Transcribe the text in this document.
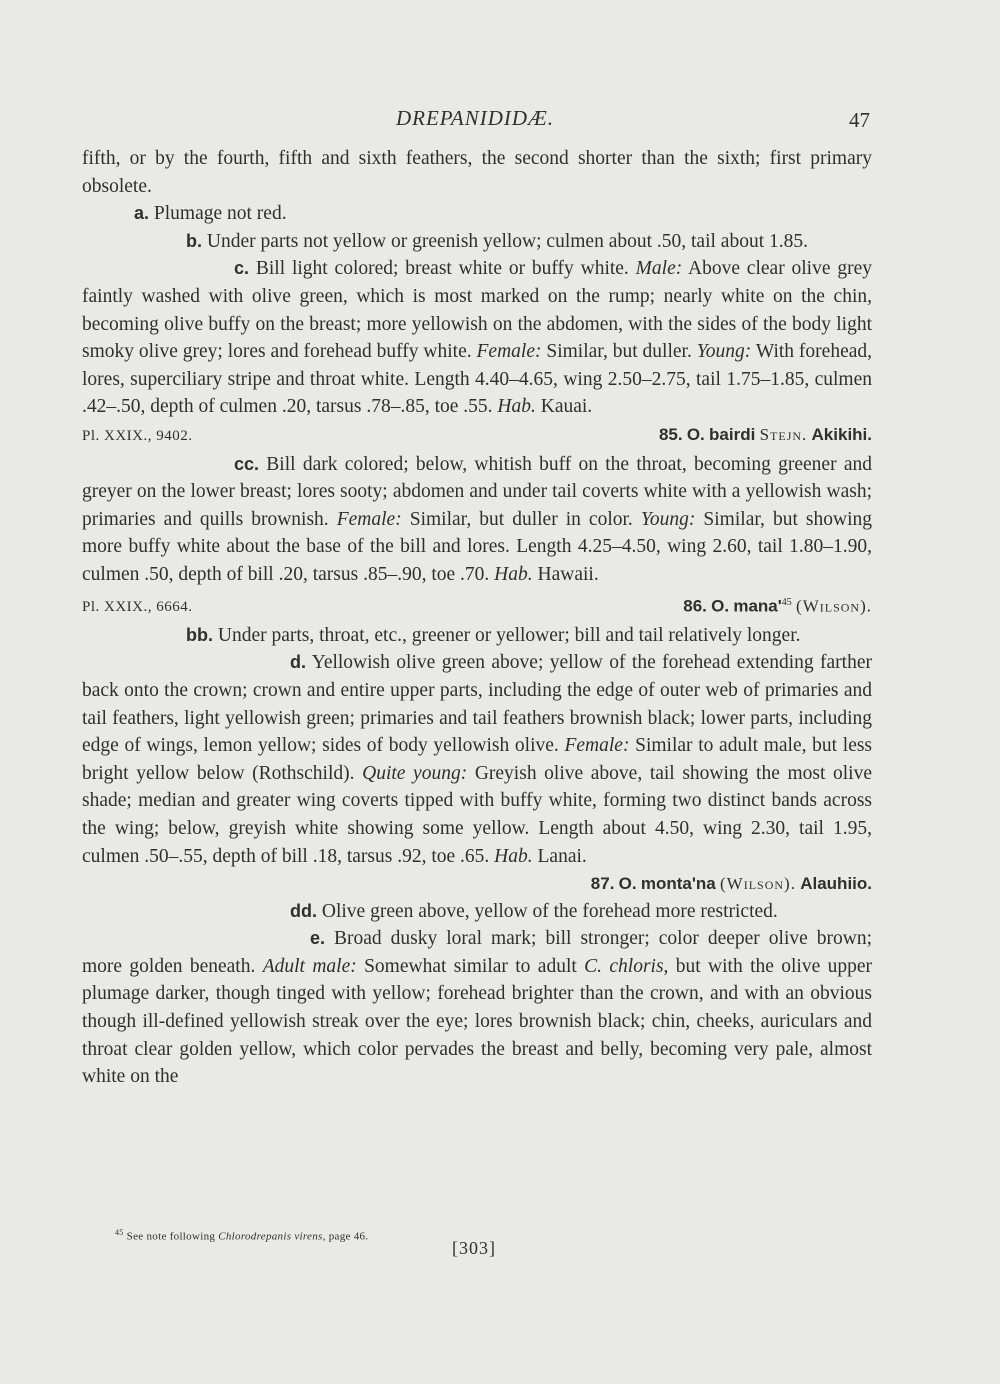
DREPANIDIDÆ.	47

fifth, or by the fourth, fifth and sixth feathers, the second shorter than the sixth; first primary obsolete.

a. Plumage not red.

b. Under parts not yellow or greenish yellow; culmen about .50, tail about 1.85.

c. Bill light colored; breast white or buffy white. Male: Above clear olive grey faintly washed with olive green, which is most marked on the rump; nearly white on the chin, becoming olive buffy on the breast; more yellowish on the abdomen, with the sides of the body light smoky olive grey; lores and forehead buffy white. Female: Similar, but duller. Young: With forehead, lores, superciliary stripe and throat white. Length 4.40–4.65, wing 2.50–2.75, tail 1.75–1.85, culmen .42–.50, depth of culmen .20, tarsus .78–.85, toe .55. Hab. Kauai.

Pl. XXIX., 9402.	85. O. bairdi Stejn. Akikihi.

cc. Bill dark colored; below, whitish buff on the throat, becoming greener and greyer on the lower breast; lores sooty; abdomen and under tail coverts white with a yellowish wash; primaries and quills brownish. Female: Similar, but duller in color. Young: Similar, but showing more buffy white about the base of the bill and lores. Length 4.25–4.50, wing 2.60, tail 1.80–1.90, culmen .50, depth of bill .20, tarsus .85–.90, toe .70. Hab. Hawaii.

Pl. XXIX., 6664.	86. O. $mana'^{45}$ (Wilson).

bb. Under parts, throat, etc., greener or yellower; bill and tail relatively longer.

d. Yellowish olive green above; yellow of the forehead extending farther back onto the crown; crown and entire upper parts, including the edge of outer web of primaries and tail feathers, light yellowish green; primaries and tail feathers brownish black; lower parts, including edge of wings, lemon yellow; sides of body yellowish olive. Female: Similar to adult male, but less bright yellow below (Rothschild). Quite young: Greyish olive above, tail showing the most olive shade; median and greater wing coverts tipped with buffy white, forming two distinct bands across the wing; below, greyish white showing some yellow. Length about 4.50, wing 2.30, tail 1.95, culmen .50–.55, depth of bill .18, tarsus .92, toe .65. Hab. Lanai.

87. O. monta'na (Wilson). Alauhiio.

dd. Olive green above, yellow of the forehead more restricted.

e. Broad dusky loral mark; bill stronger; color deeper olive brown; more golden beneath. Adult male: Somewhat similar to adult C. chloris, but with the olive upper plumage darker, though tinged with yellow; forehead brighter than the crown, and with an obvious though ill-defined yellowish streak over the eye; lores brownish black; chin, cheeks, auriculars and throat clear golden yellow, which color pervades the breast and belly, becoming very pale, almost white on the

$^{45}$ See note following Chlorodrepanis virens, page 46.
[303]
